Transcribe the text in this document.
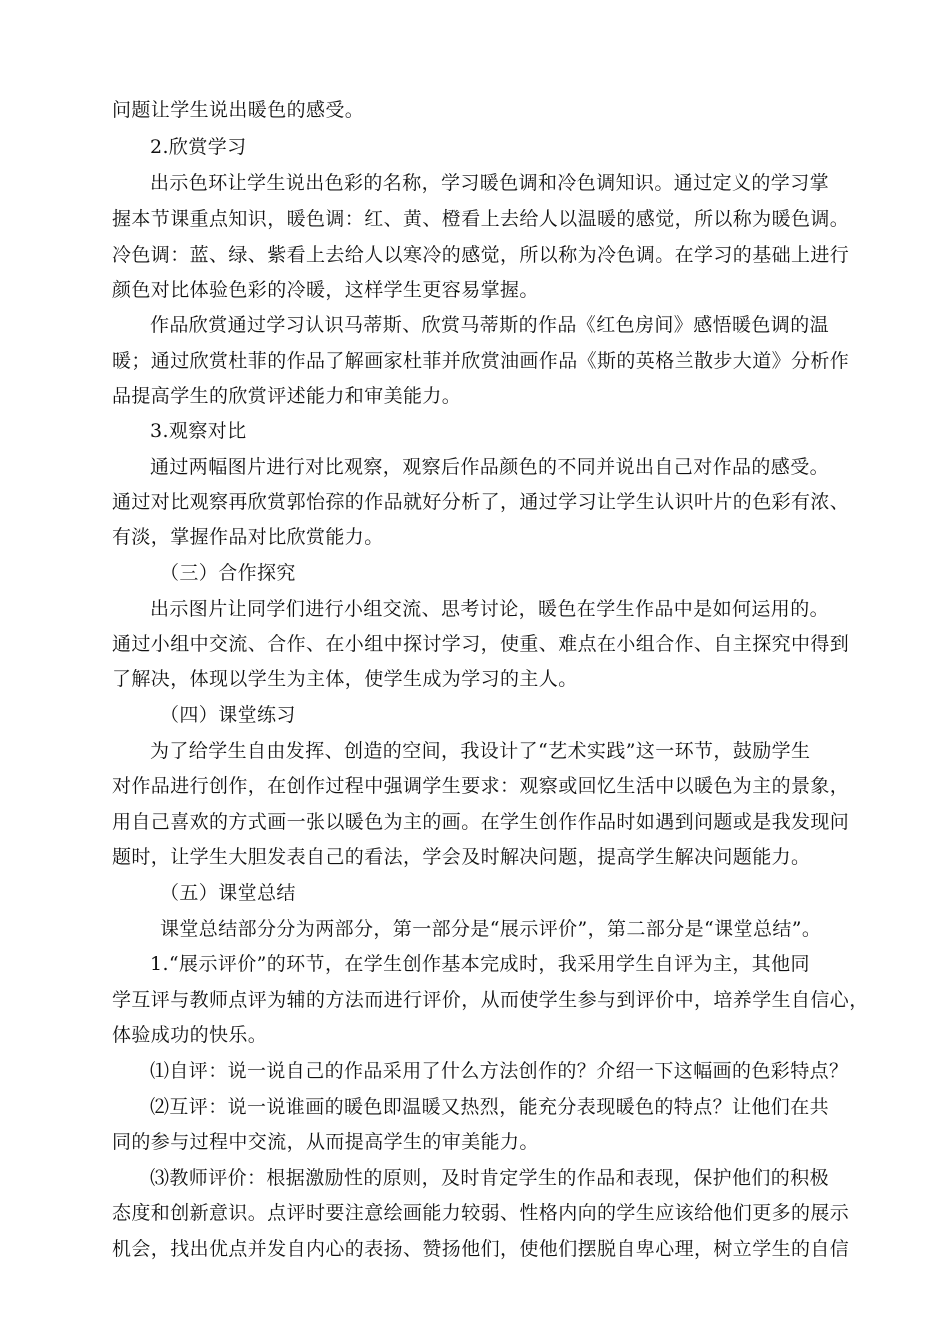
问题让学生说出暖色的感受。
2.欣赏学习
出示色环让学生说出色彩的名称，学习暖色调和冷色调知识。通过定义的学习掌
握本节课重点知识，暖色调：红、黄、橙看上去给人以温暖的感觉，所以称为暖色调。
冷色调：蓝、绿、紫看上去给人以寒冷的感觉，所以称为冷色调。在学习的基础上进行
颜色对比体验色彩的冷暖，这样学生更容易掌握。
作品欣赏通过学习认识马蒂斯、欣赏马蒂斯的作品《红色房间》感悟暖色调的温
暖；通过欣赏杜菲的作品了解画家杜菲并欣赏油画作品《斯的英格兰散步大道》分析作
品提高学生的欣赏评述能力和审美能力。
3.观察对比
通过两幅图片进行对比观察，观察后作品颜色的不同并说出自己对作品的感受。
通过对比观察再欣赏郭怡孮的作品就好分析了，通过学习让学生认识叶片的色彩有浓、
有淡，掌握作品对比欣赏能力。
（三）合作探究
出示图片让同学们进行小组交流、思考讨论，暖色在学生作品中是如何运用的。
通过小组中交流、合作、在小组中探讨学习，使重、难点在小组合作、自主探究中得到
了解决，体现以学生为主体，使学生成为学习的主人。
（四）课堂练习
为了给学生自由发挥、创造的空间，我设计了“艺术实践”这一环节，鼓励学生
对作品进行创作，在创作过程中强调学生要求：观察或回忆生活中以暖色为主的景象，
用自己喜欢的方式画一张以暖色为主的画。在学生创作作品时如遇到问题或是我发现问
题时，让学生大胆发表自己的看法，学会及时解决问题，提高学生解决问题能力。
（五）课堂总结
课堂总结部分分为两部分，第一部分是“展示评价”，第二部分是“课堂总结”。
1.“展示评价”的环节，在学生创作基本完成时，我采用学生自评为主，其他同
学互评与教师点评为辅的方法而进行评价，从而使学生参与到评价中，培养学生自信心，
体验成功的快乐。
⑴自评：说一说自己的作品采用了什么方法创作的？介绍一下这幅画的色彩特点？
⑵互评：说一说谁画的暖色即温暖又热烈，能充分表现暖色的特点？让他们在共
同的参与过程中交流，从而提高学生的审美能力。
⑶教师评价：根据激励性的原则，及时肯定学生的作品和表现，保护他们的积极
态度和创新意识。点评时要注意绘画能力较弱、性格内向的学生应该给他们更多的展示
机会，找出优点并发自内心的表扬、赞扬他们，使他们摆脱自卑心理，树立学生的自信
